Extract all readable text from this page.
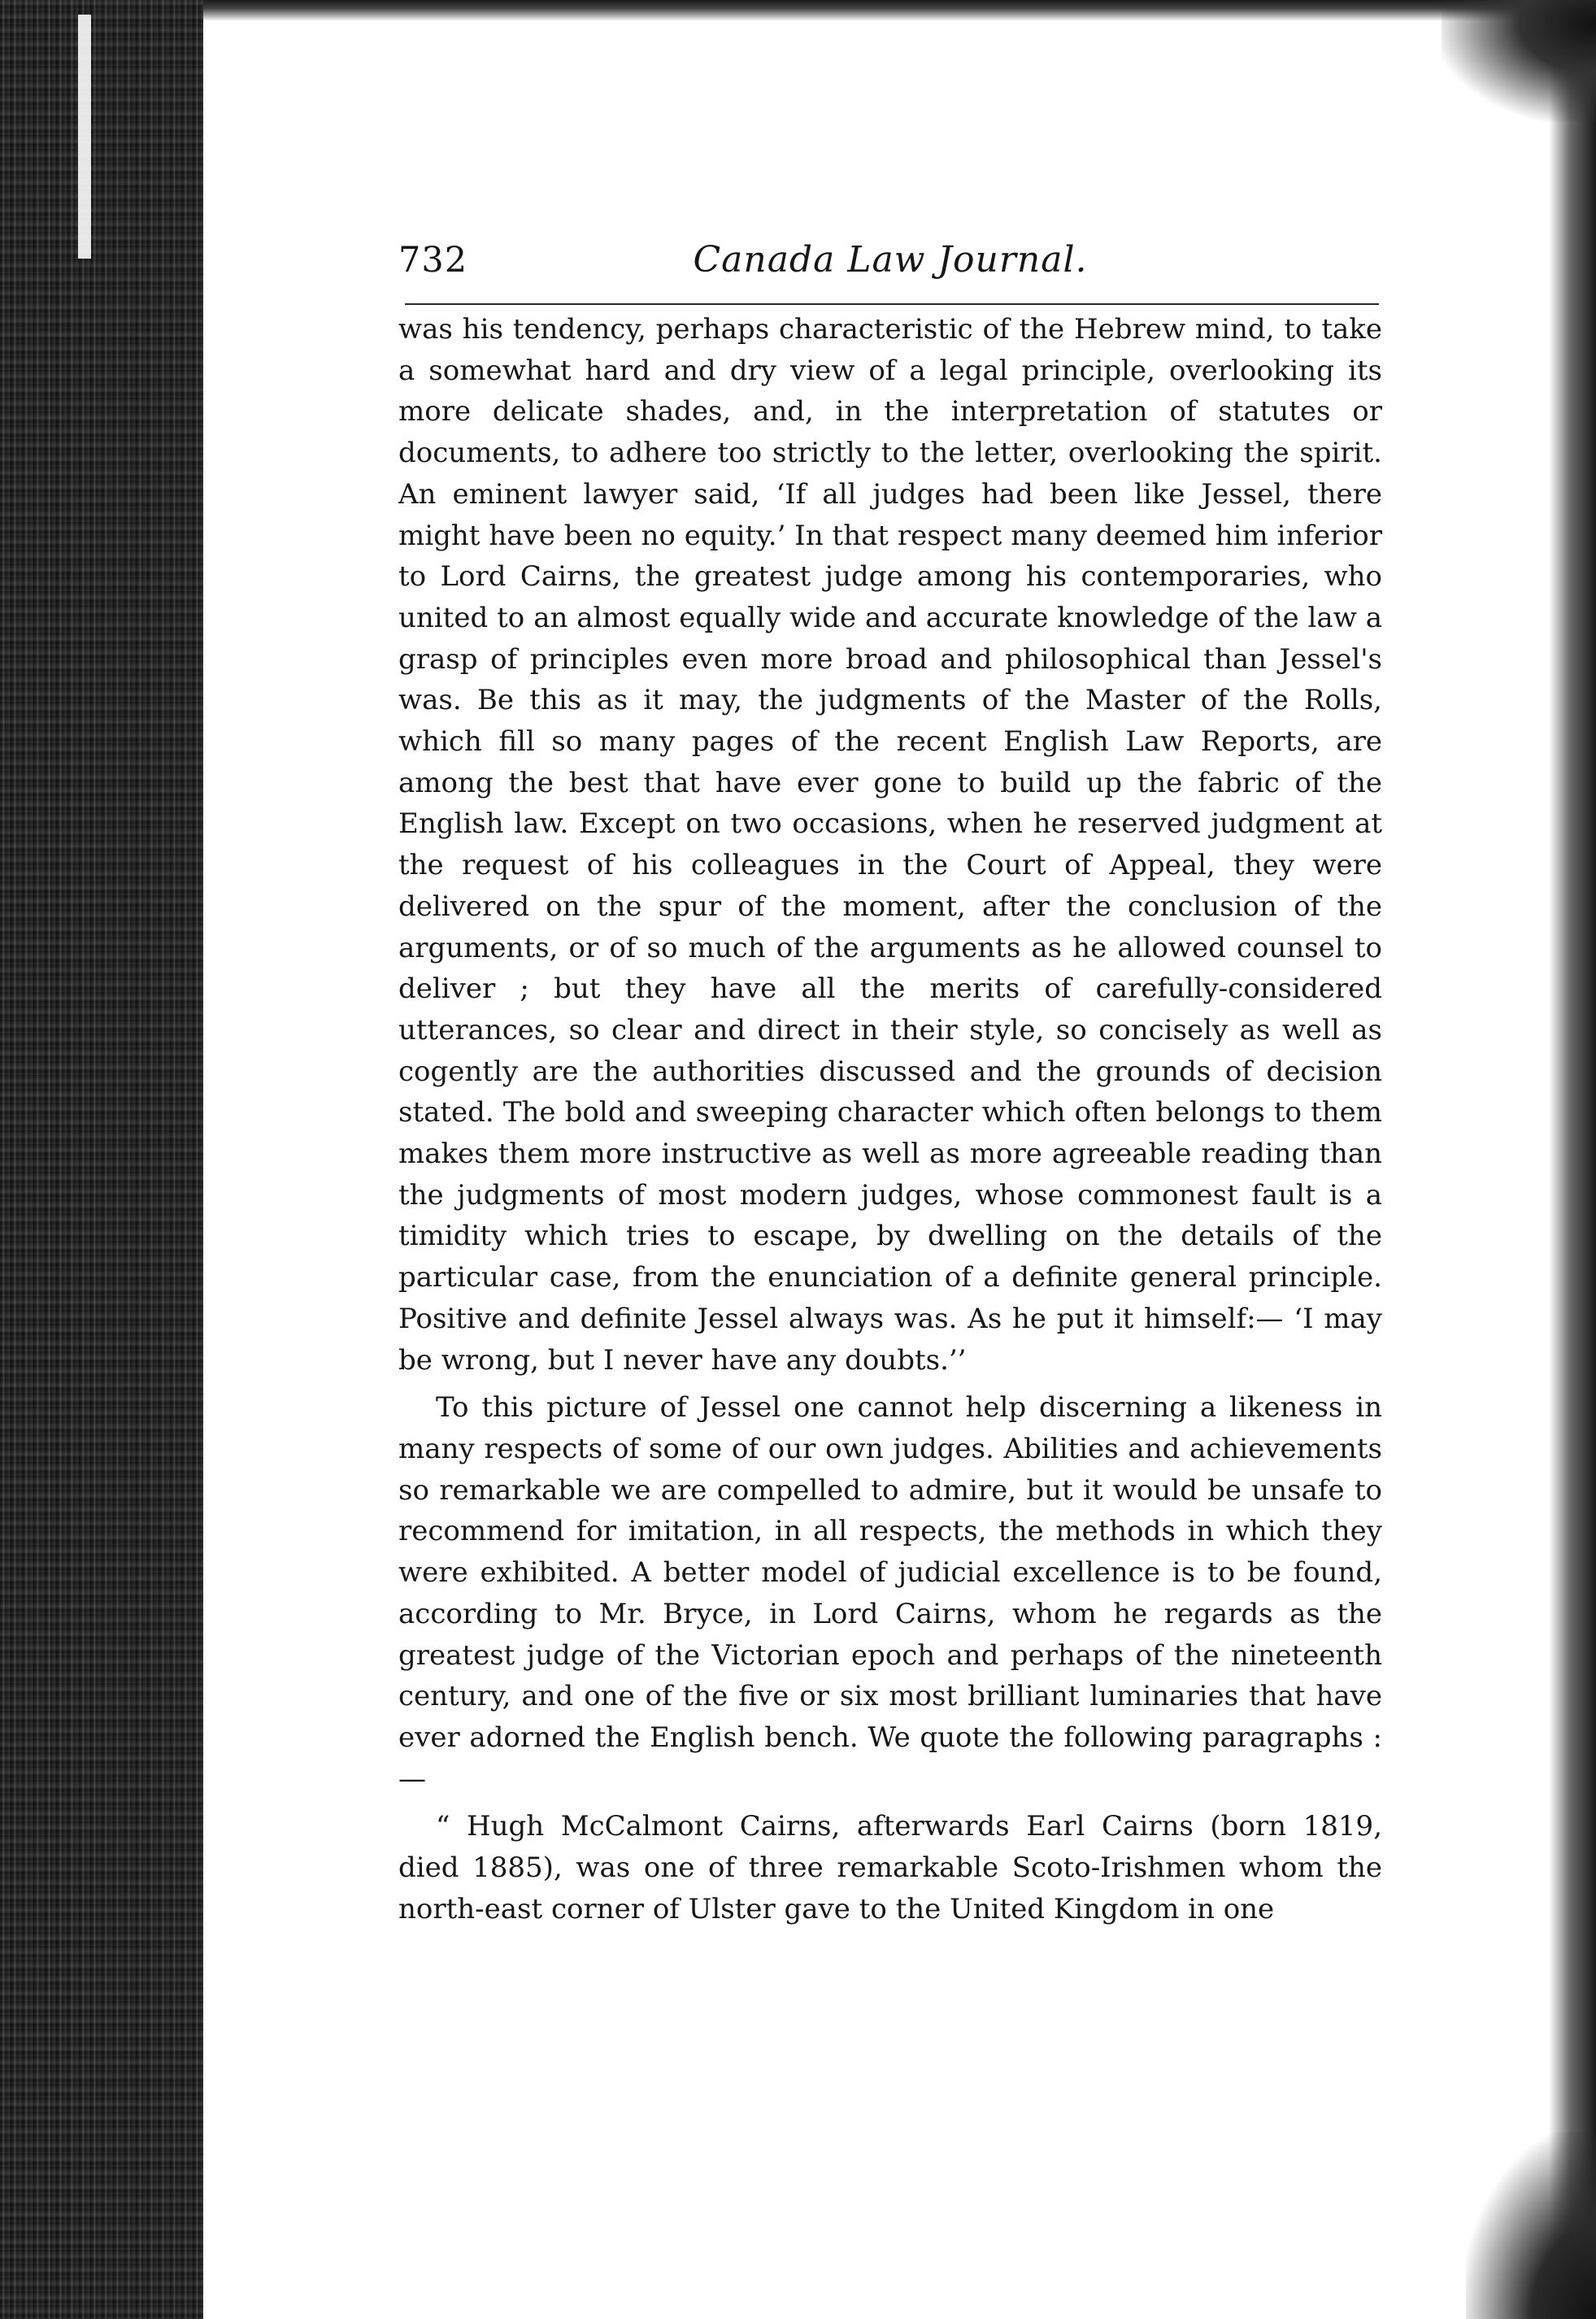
732	Canada Law Journal.

was his tendency, perhaps characteristic of the Hebrew mind, to take a somewhat hard and dry view of a legal principle, overlooking its more delicate shades, and, in the interpretation of statutes or documents, to adhere too strictly to the letter, overlooking the spirit. An eminent lawyer said, ‘If all judges had been like Jessel, there might have been no equity.’ In that respect many deemed him inferior to Lord Cairns, the greatest judge among his contemporaries, who united to an almost equally wide and accurate knowledge of the law a grasp of principles even more broad and philosophical than Jessel's was. Be this as it may, the judgments of the Master of the Rolls, which fill so many pages of the recent English Law Reports, are among the best that have ever gone to build up the fabric of the English law. Except on two occasions, when he reserved judgment at the request of his colleagues in the Court of Appeal, they were delivered on the spur of the moment, after the conclusion of the arguments, or of so much of the arguments as he allowed counsel to deliver ; but they have all the merits of carefully-considered utterances, so clear and direct in their style, so concisely as well as cogently are the authorities discussed and the grounds of decision stated. The bold and sweeping character which often belongs to them makes them more instructive as well as more agreeable reading than the judgments of most modern judges, whose commonest fault is a timidity which tries to escape, by dwelling on the details of the particular case, from the enunciation of a definite general principle. Positive and definite Jessel always was. As he put it himself:— ‘I may be wrong, but I never have any doubts.’’

To this picture of Jessel one cannot help discerning a likeness in many respects of some of our own judges. Abilities and achievements so remarkable we are compelled to admire, but it would be unsafe to recommend for imitation, in all respects, the methods in which they were exhibited. A better model of judicial excellence is to be found, according to Mr. Bryce, in Lord Cairns, whom he regards as the greatest judge of the Victorian epoch and perhaps of the nineteenth century, and one of the five or six most brilliant luminaries that have ever adorned the English bench. We quote the following paragraphs :—

“ Hugh McCalmont Cairns, afterwards Earl Cairns (born 1819, died 1885), was one of three remarkable Scoto-Irishmen whom the north-east corner of Ulster gave to the United Kingdom in one
